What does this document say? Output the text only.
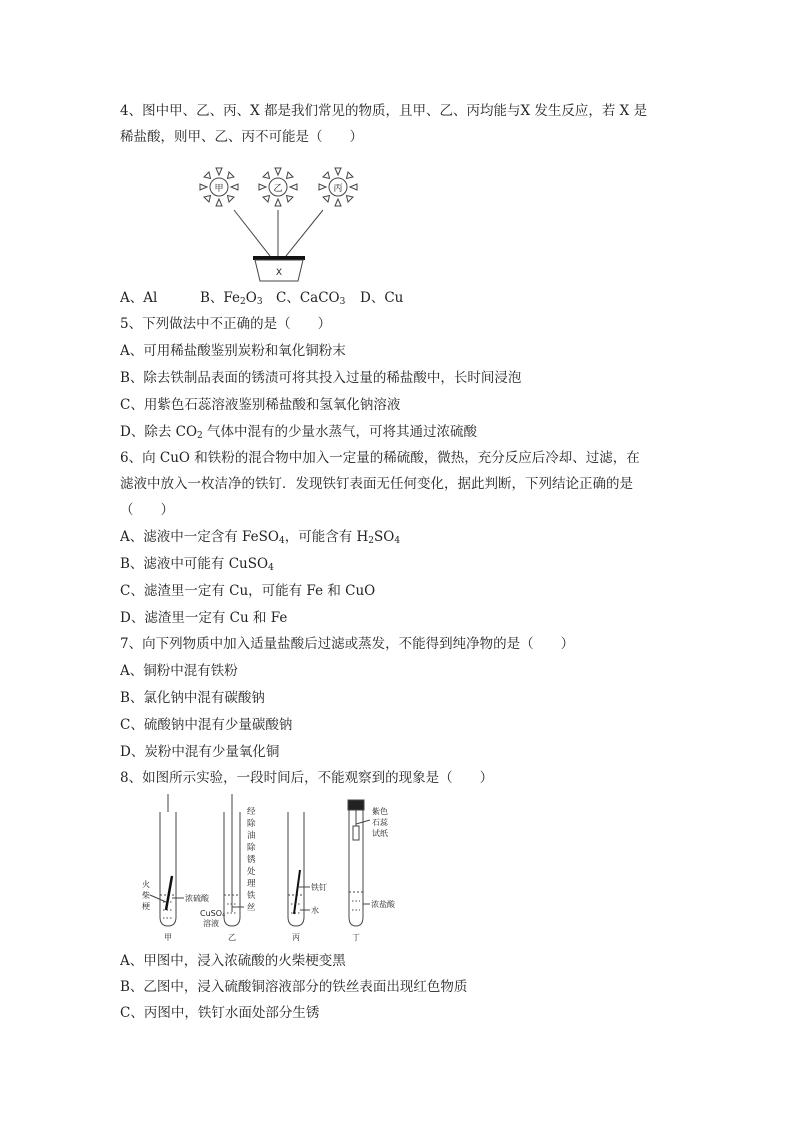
4、图中甲、乙、丙、X 都是我们常见的物质，且甲、乙、丙均能与X 发生反应，若 X 是
稀盐酸，则甲、乙、丙不可能是（　　）
甲	乙	丙
X
A、Al	B、$Fe_2O_3$ C、CaCO$_3$ D、Cu
5、下列做法中不正确的是（　　）
A、可用稀盐酸鉴别炭粉和氧化铜粉末
B、除去铁制品表面的锈渍可将其投入过量的稀盐酸中，长时间浸泡
C、用紫色石蕊溶液鉴别稀盐酸和氢氧化钠溶液
D、除去 $CO_2$ 气体中混有的少量水蒸气，可将其通过浓硫酸
6、向 CuO 和铁粉的混合物中加入一定量的稀硫酸，微热，充分反应后冷却、过滤，在
滤液中放入一枚洁净的铁钉．发现铁钉表面无任何变化，据此判断，下列结论正确的是
（　　）
A、滤液中一定含有 FeSO$_4$，可能含有 $H_2SO_4$
B、滤液中可能有 CuSO$_4$
C、滤渣里一定有 Cu，可能有 Fe 和 CuO
D、滤渣里一定有 Cu 和 Fe
7、向下列物质中加入适量盐酸后过滤或蒸发，不能得到纯净物的是（　　）
A、铜粉中混有铁粉
B、氯化钠中混有碳酸钠
C、硫酸钠中混有少量碳酸钠
D、炭粉中混有少量氧化铜
8、如图所示实验，一段时间后，不能观察到的现象是（　　）
火
柴
梗
浓硫酸
甲
CuSO₄
溶液
经
除
油
除
锈
处
理
铁
丝
乙
铁钉
水
丙
紫色
石蕊
试纸
浓盐酸
丁
A、甲图中，浸入浓硫酸的火柴梗变黑
B、乙图中，浸入硫酸铜溶液部分的铁丝表面出现红色物质
C、丙图中，铁钉水面处部分生锈
